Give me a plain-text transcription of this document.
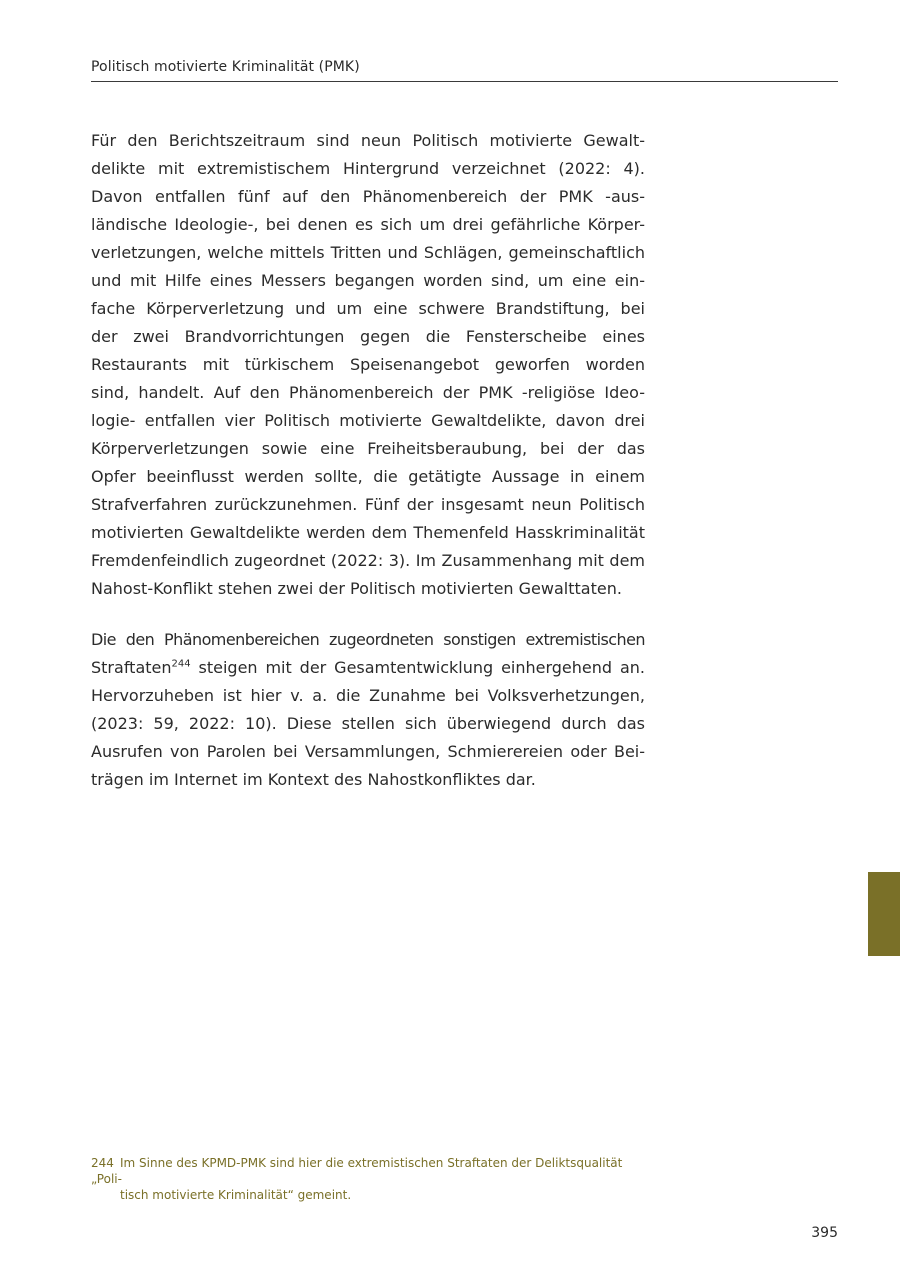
Politisch motivierte Kriminalität (PMK)
Für den Berichtszeitraum sind neun Politisch motivierte Gewalt-
delikte mit extremistischem Hintergrund verzeichnet (2022: 4).
Davon entfallen fünf auf den Phänomenbereich der PMK -aus-
ländische Ideologie-, bei denen es sich um drei gefährliche Körper-
verletzungen, welche mittels Tritten und Schlägen, gemeinschaftlich
und mit Hilfe eines Messers begangen worden sind, um eine ein-
fache Körperverletzung und um eine schwere Brandstiftung, bei
der zwei Brandvorrichtungen gegen die Fensterscheibe eines
Restaurants mit türkischem Speisenangebot geworfen worden
sind, handelt. Auf den Phänomenbereich der PMK -religiöse Ideo-
logie- entfallen vier Politisch motivierte Gewaltdelikte, davon drei
Körperverletzungen sowie eine Freiheitsberaubung, bei der das
Opfer beeinflusst werden sollte, die getätigte Aussage in einem
Strafverfahren zurückzunehmen. Fünf der insgesamt neun Politisch
motivierten Gewaltdelikte werden dem Themenfeld Hasskriminalität
Fremdenfeindlich zugeordnet (2022: 3). Im Zusammenhang mit dem
Nahost-Konflikt stehen zwei der Politisch motivierten Gewalttaten.
Die den Phänomenbereichen zugeordneten sonstigen extremistischen
Straftaten$^{244}$ steigen mit der Gesamtentwicklung einhergehend an.
Hervorzuheben ist hier v. a. die Zunahme bei Volksverhetzungen,
(2023: 59, 2022: 10). Diese stellen sich überwiegend durch das
Ausrufen von Parolen bei Versammlungen, Schmierereien oder Bei-
trägen im Internet im Kontext des Nahostkonfliktes dar.
244 Im Sinne des KPMD-PMK sind hier die extremistischen Straftaten der Deliktsqualität „Poli-
tisch motivierte Kriminalität“ gemeint.
395
